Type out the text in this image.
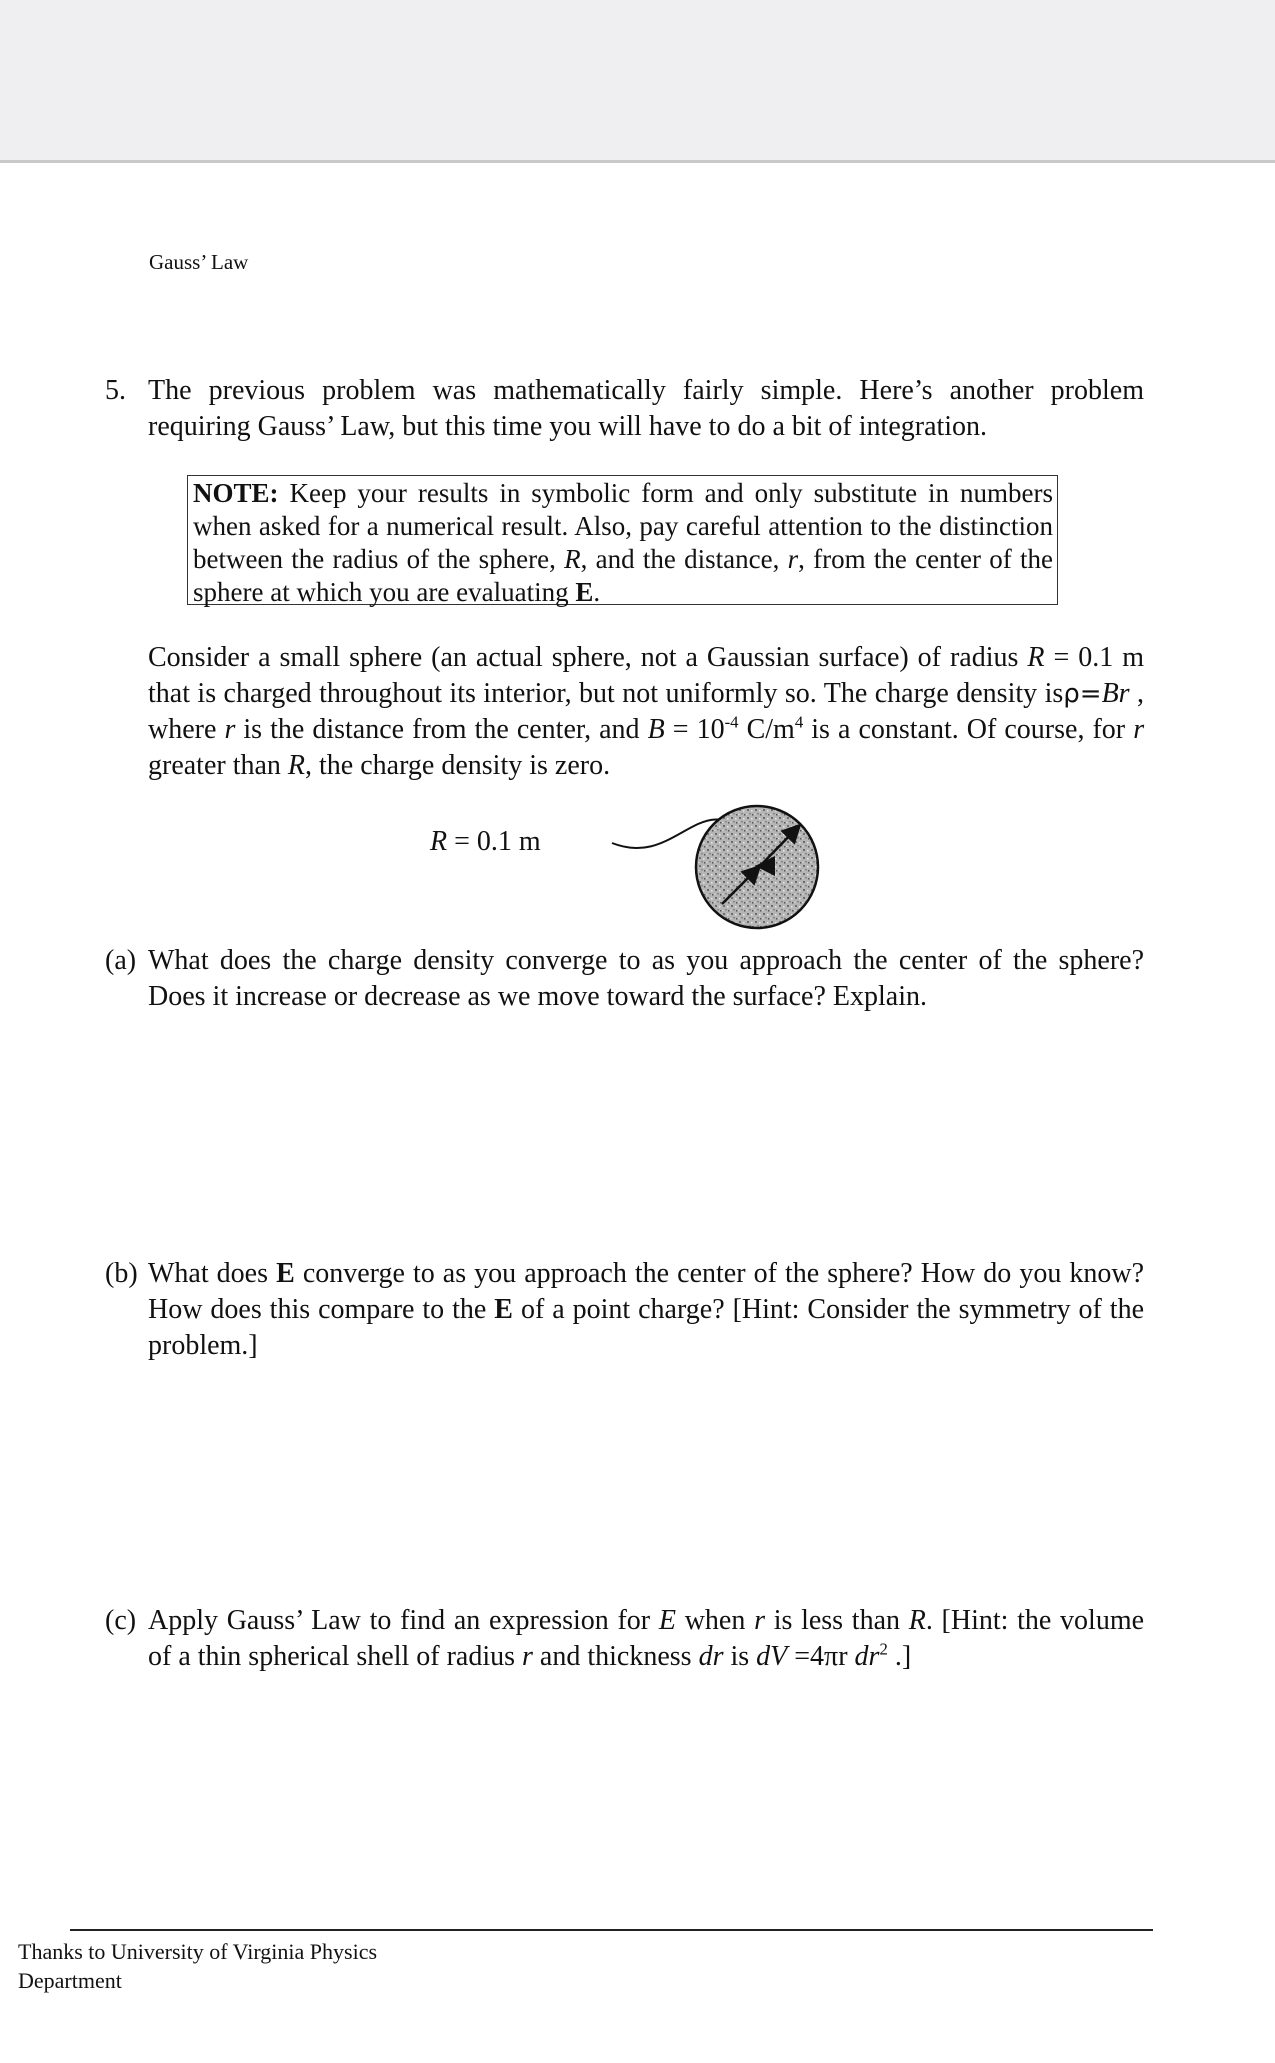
Gauss’ Law
5. The previous problem was mathematically fairly simple. Here’s another problem requiring Gauss’ Law, but this time you will have to do a bit of integration.

NOTE: Keep your results in symbolic form and only substitute in numbers when asked for a numerical result. Also, pay careful attention to the distinction between the radius of the sphere, R, and the distance, r, from the center of the sphere at which you are evaluating E.

Consider a small sphere (an actual sphere, not a Gaussian surface) of radius R = 0.1 m that is charged throughout its interior, but not uniformly so. The charge density isρ=Br , where r is the distance from the center, and $B = 10^{-4}$ $C/m^4$ is a constant. Of course, for r greater than R, the charge density is zero.

R = 0.1 m
(a) What does the charge density converge to as you approach the center of the sphere? Does it increase or decrease as we move toward the surface? Explain.

(b) What does E converge to as you approach the center of the sphere? How do you know? How does this compare to the E of a point charge? [Hint: Consider the symmetry of the problem.]

(c) Apply Gauss’ Law to find an expression for E when r is less than R. [Hint: the volume of a thin spherical shell of radius r and thickness dr is dV =4πr $dr^2$ .]

Thanks to University of Virginia Physics

Department
